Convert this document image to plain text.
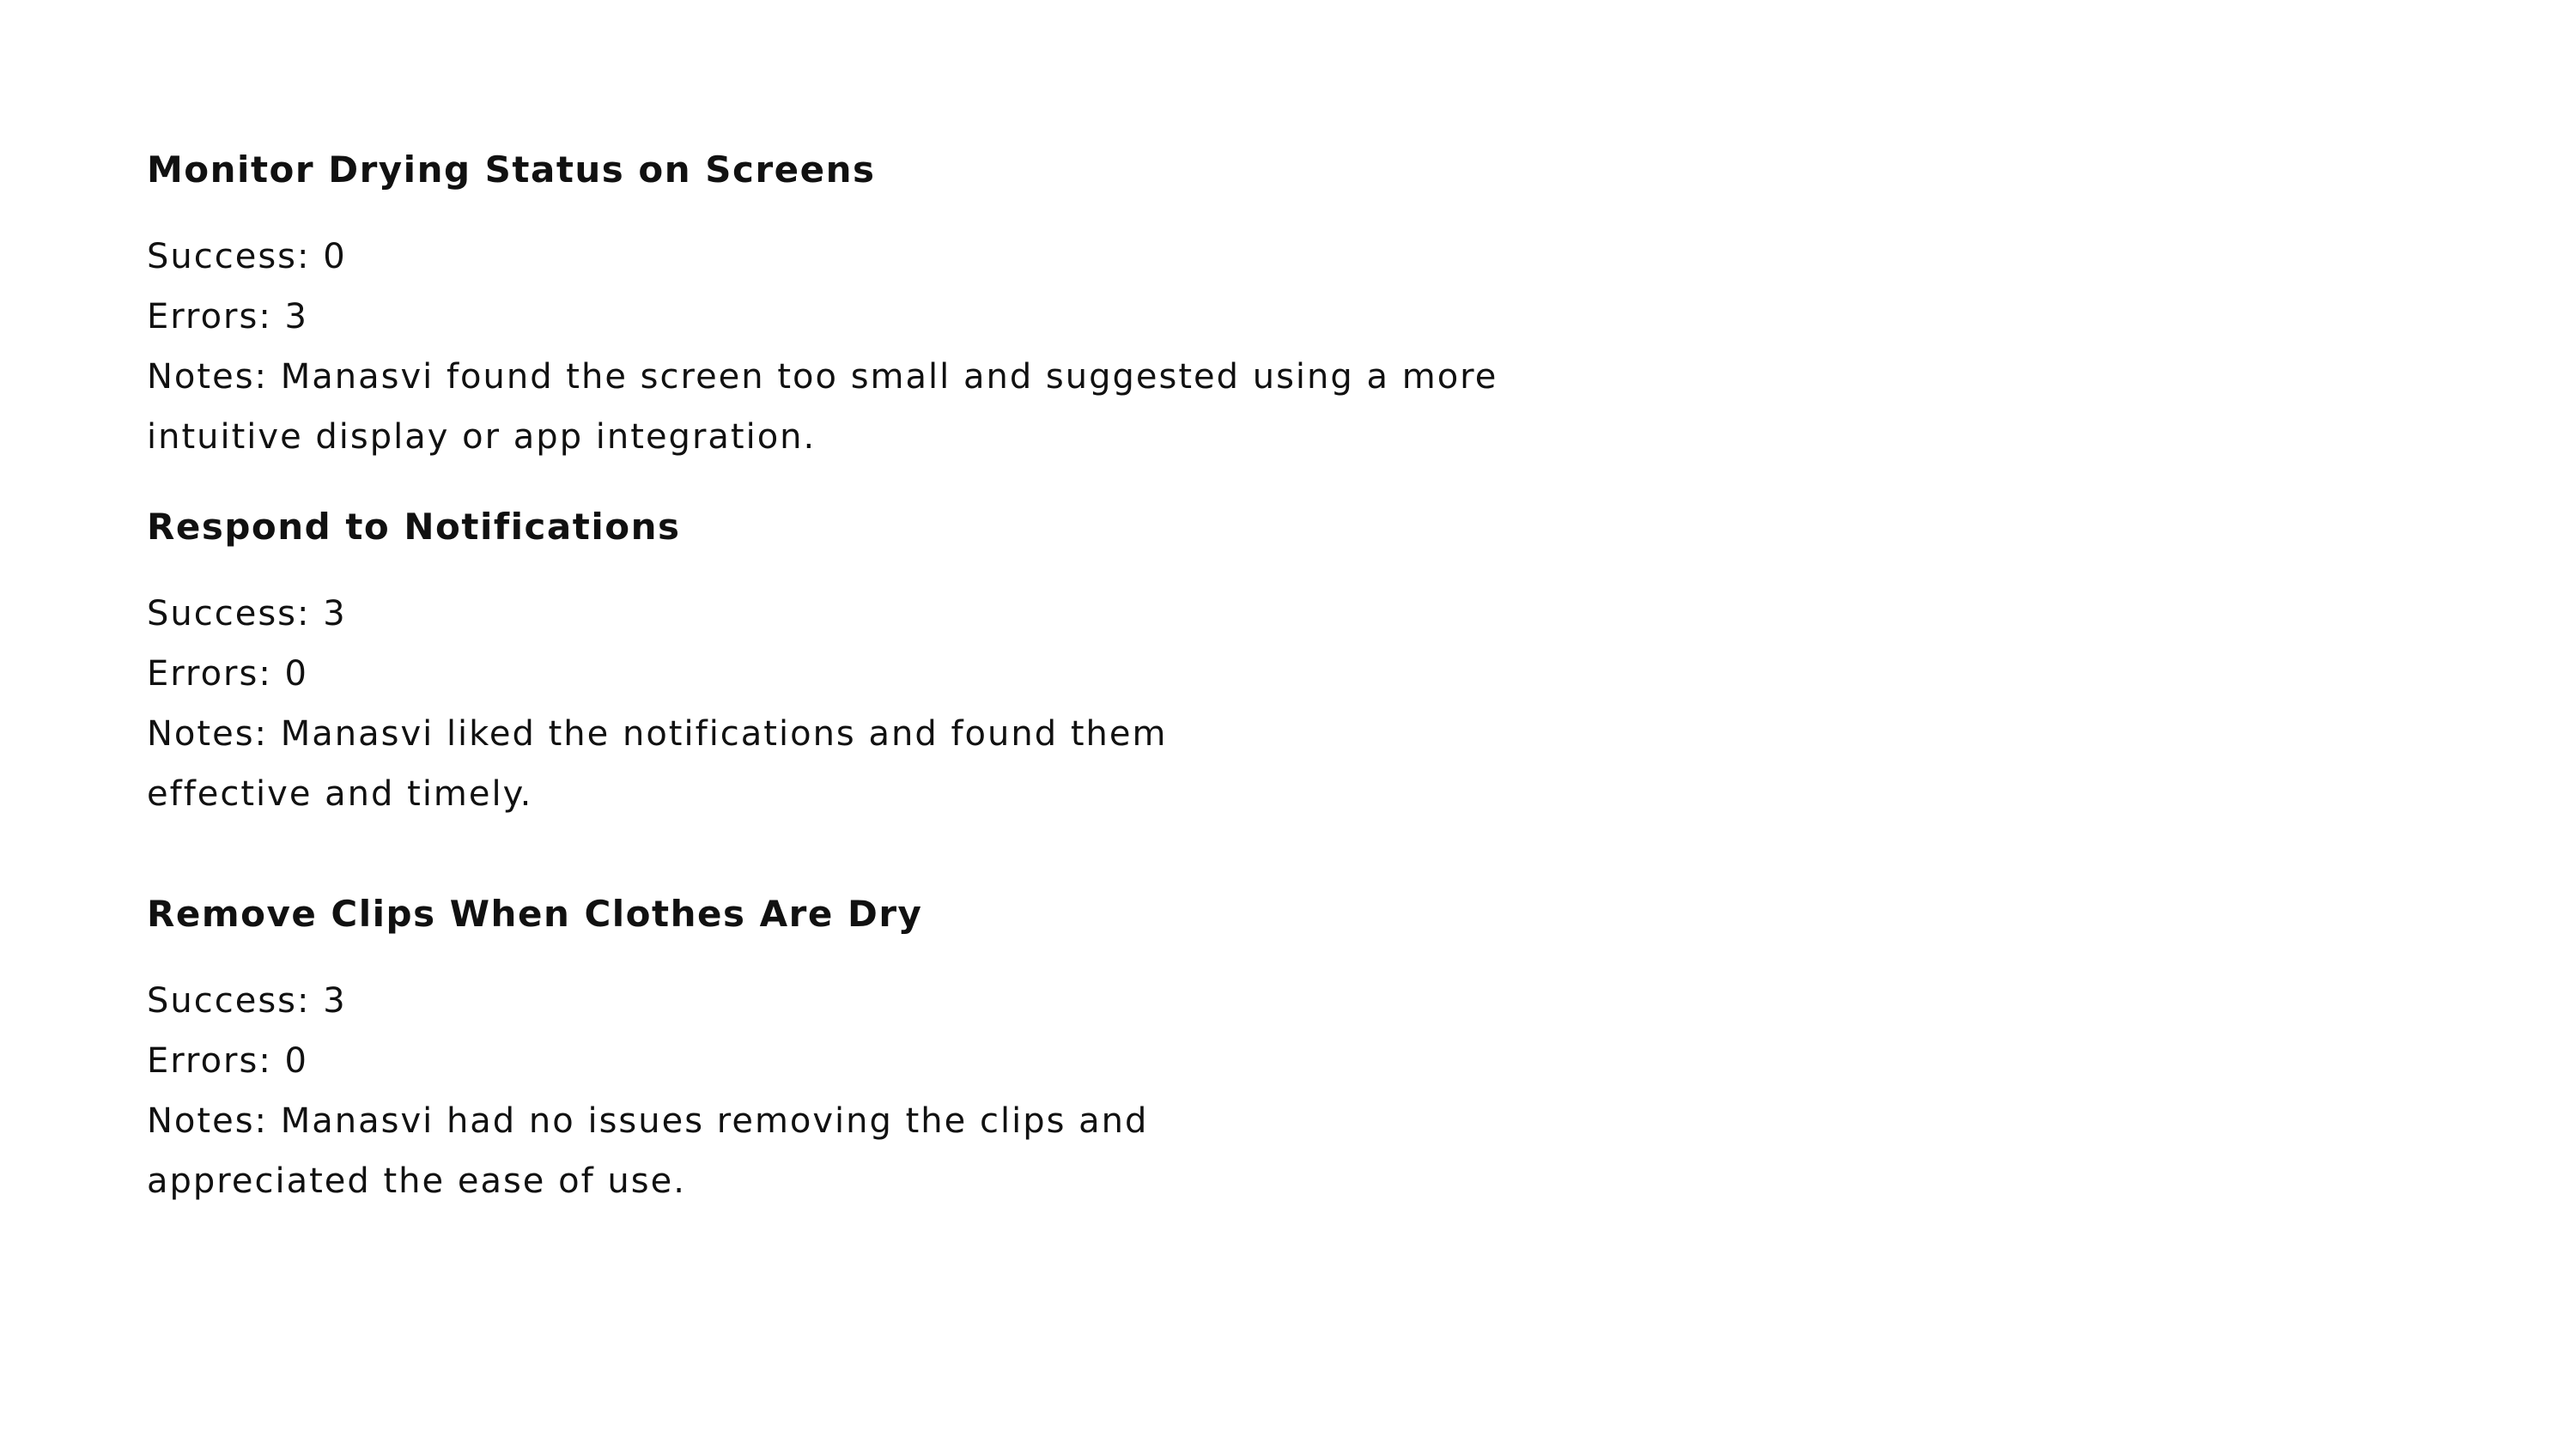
Monitor Drying Status on Screens
Success: 0
Errors: 3
Notes: Manasvi found the screen too small and suggested using a more
intuitive display or app integration.
Respond to Notifications
Success: 3
Errors: 0
Notes: Manasvi liked the notifications and found them
effective and timely.
Remove Clips When Clothes Are Dry
Success: 3
Errors: 0
Notes: Manasvi had no issues removing the clips and
appreciated the ease of use.
